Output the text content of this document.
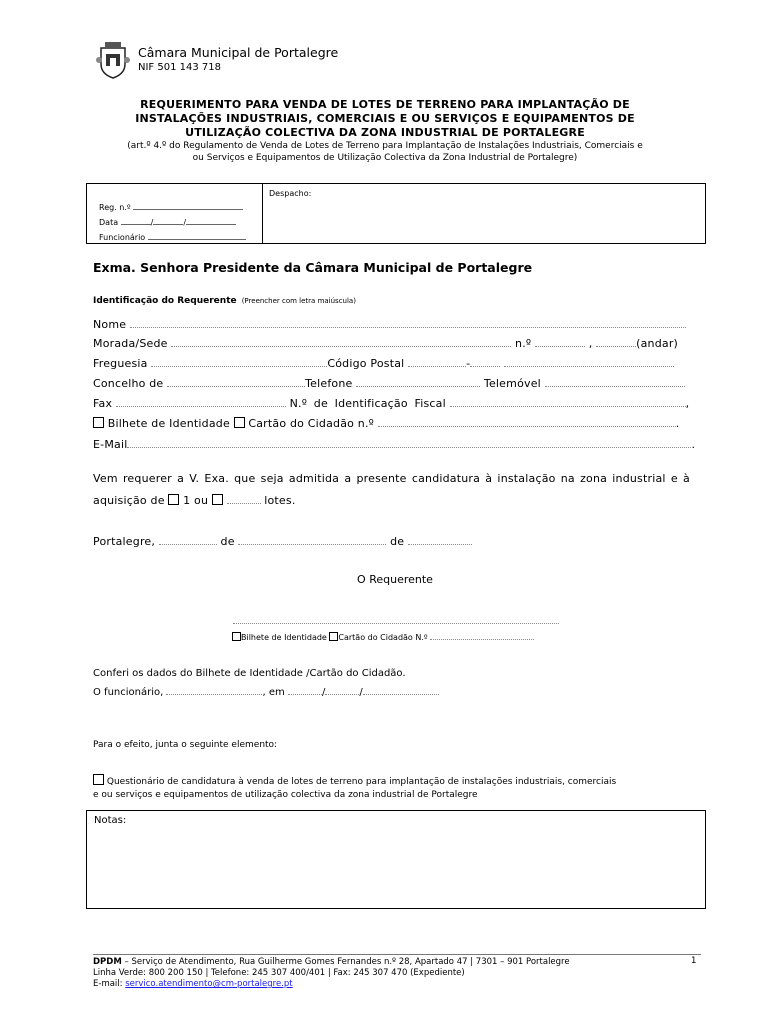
Câmara Municipal de Portalegre
NIF 501 143 718
REQUERIMENTO PARA VENDA DE LOTES DE TERRENO PARA IMPLANTAÇÃO DE
INSTALAÇÕES INDUSTRIAIS, COMERCIAIS E OU SERVIÇOS E EQUIPAMENTOS DE
UTILIZAÇÃO COLECTIVA DA ZONA INDUSTRIAL DE PORTALEGRE
(art.º 4.º do Regulamento de Venda de Lotes de Terreno para Implantação de Instalações Industriais, Comerciais e
ou Serviços e Equipamentos de Utilização Colectiva da Zona Industrial de Portalegre)
Reg. n.º
Data	/	/
Funcionário
Despacho:
Exma. Senhora Presidente da Câmara Municipal de Portalegre
Identificação do Requerente (Preencher com letra maiúscula)
Nome
Morada/Sede	n.º	,	(andar)
Freguesia	Código Postal	-
Concelho de	Telefone	Telemóvel
Fax	N.º de Identificação Fiscal	,
Bilhete de Identidade Cartão do Cidadão n.º	.
E-Mail	.
Vem requerer a V. Exa. que seja admitida a presente candidatura à instalação na zona industrial e à
aquisição de 1 ou	lotes.
Portalegre,	de	de
O Requerente
Bilhete de Identidade Cartão do Cidadão N.º
Conferi os dados do Bilhete de Identidade /Cartão do Cidadão.
O funcionário,	, em	/	/
Para o efeito, junta o seguinte elemento:
Questionário de candidatura à venda de lotes de terreno para implantação de instalações industriais, comerciais
e ou serviços e equipamentos de utilização colectiva da zona industrial de Portalegre
Notas:
DPDM – Serviço de Atendimento, Rua Guilherme Gomes Fernandes n.º 28, Apartado 47 | 7301 – 901 Portalegre
Linha Verde: 800 200 150 | Telefone: 245 307 400/401 | Fax: 245 307 470 (Expediente)
E-mail: servico.atendimento@cm-portalegre.pt
1
